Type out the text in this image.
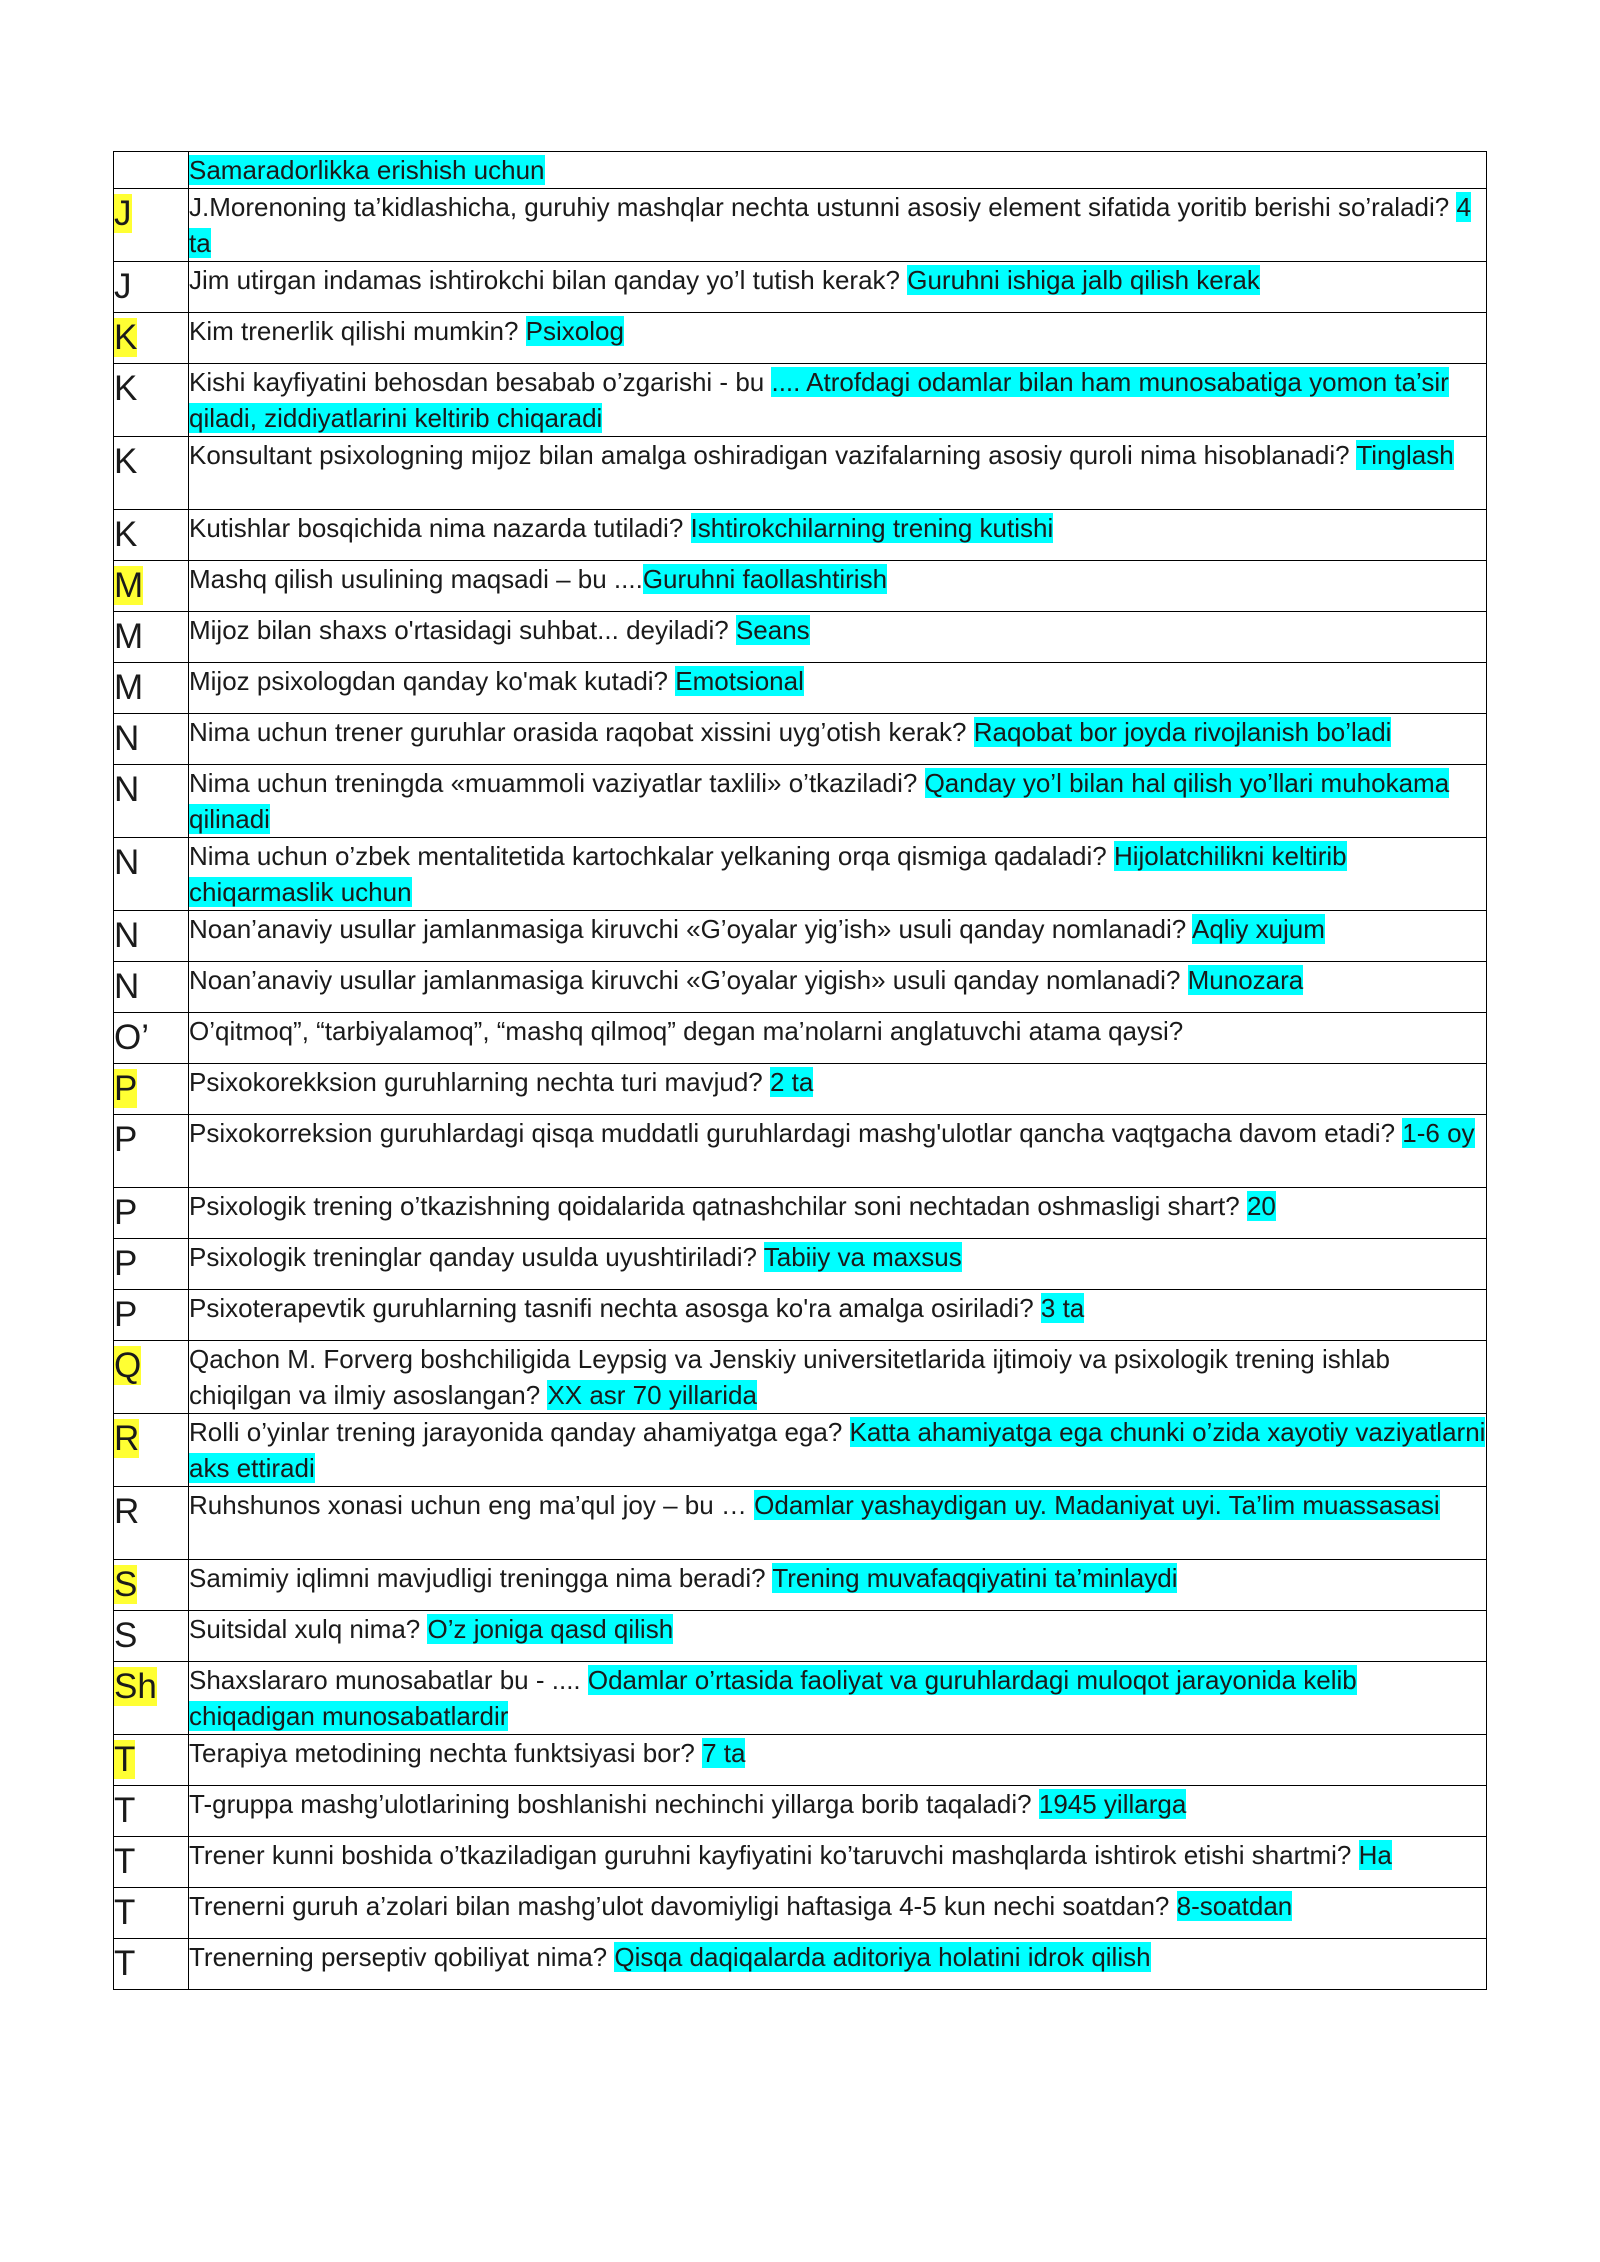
	Samaradorlikka erishish uchun
J	J.Morenoning ta’kidlashicha, guruhiy mashqlar nechta ustunni asosiy element sifatida yoritib berishi so’raladi? 4 ta
J	Jim utirgan indamas ishtirokchi bilan qanday yo’l tutish kerak? Guruhni ishiga jalb qilish kerak
K	Kim trenerlik qilishi mumkin? Psixolog
K	Kishi kayfiyatini behosdan besabab o’zgarishi - bu .... Atrofdagi odamlar bilan ham munosabatiga yomon ta’sir qiladi, ziddiyatlarini keltirib chiqaradi
K	Konsultant psixologning mijoz bilan amalga oshiradigan vazifalarning asosiy quroli nima hisoblanadi? Tinglash
K	Kutishlar bosqichida nima nazarda tutiladi? Ishtirokchilarning trening kutishi
M	Mashq qilish usulining maqsadi – bu ....Guruhni faollashtirish
M	Mijoz bilan shaxs o'rtasidagi suhbat... deyiladi? Seans
M	Mijoz psixologdan qanday ko'mak kutadi? Emotsional
N	Nima uchun trener guruhlar orasida raqobat xissini uyg’otish kerak? Raqobat bor joyda rivojlanish bo’ladi
N	Nima uchun treningda «muammoli vaziyatlar taxlili» o’tkaziladi? Qanday yo’l bilan hal qilish yo’llari muhokama qilinadi
N	Nima uchun o’zbek mentalitetida kartochkalar yelkaning orqa qismiga qadaladi? Hijolatchilikni keltirib chiqarmaslik uchun
N	Noan’anaviy usullar jamlanmasiga kiruvchi «G’oyalar yig’ish» usuli qanday nomlanadi? Aqliy xujum
N	Noan’anaviy usullar jamlanmasiga kiruvchi «G’oyalar yigish» usuli qanday nomlanadi? Munozara
O’	O’qitmoq”, “tarbiyalamoq”, “mashq qilmoq” degan ma’nolarni anglatuvchi atama qaysi?
P	Psixokorekksion guruhlarning nechta turi mavjud? 2 ta
P	Psixokorreksion guruhlardagi qisqa muddatli guruhlardagi mashg'ulotlar qancha vaqtgacha davom etadi? 1-6 oy
P	Psixologik trening o’tkazishning qoidalarida qatnashchilar soni nechtadan oshmasligi shart? 20
P	Psixologik treninglar qanday usulda uyushtiriladi? Tabiiy va maxsus
P	Psixoterapevtik guruhlarning tasnifi nechta asosga ko'ra amalga osiriladi? 3 ta
Q	Qachon M. Forverg boshchiligida Leypsig va Jenskiy universitetlarida ijtimoiy va psixologik trening ishlab chiqilgan va ilmiy asoslangan? XX asr 70 yillarida
R	Rolli o’yinlar trening jarayonida qanday ahamiyatga ega? Katta ahamiyatga ega chunki o’zida xayotiy vaziyatlarni aks ettiradi
R	Ruhshunos xonasi uchun eng ma’qul joy – bu … Odamlar yashaydigan uy. Madaniyat uyi. Ta’lim muassasasi
S	Samimiy iqlimni mavjudligi treningga nima beradi? Trening muvafaqqiyatini ta’minlaydi
S	Suitsidal xulq nima? O’z joniga qasd qilish
Sh	Shaxslararo munosabatlar bu - .... Odamlar o’rtasida faoliyat va guruhlardagi muloqot jarayonida kelib chiqadigan munosabatlardir
T	Terapiya metodining nechta funktsiyasi bor? 7 ta
T	T-gruppa mashg’ulotlarining boshlanishi nechinchi yillarga borib taqaladi? 1945 yillarga
T	Trener kunni boshida o’tkaziladigan guruhni kayfiyatini ko’taruvchi mashqlarda ishtirok etishi shartmi? Ha
T	Trenerni guruh a’zolari bilan mashg’ulot davomiyligi haftasiga 4-5 kun nechi soatdan? 8-soatdan
T	Trenerning perseptiv qobiliyat nima? Qisqa daqiqalarda aditoriya holatini idrok qilish
